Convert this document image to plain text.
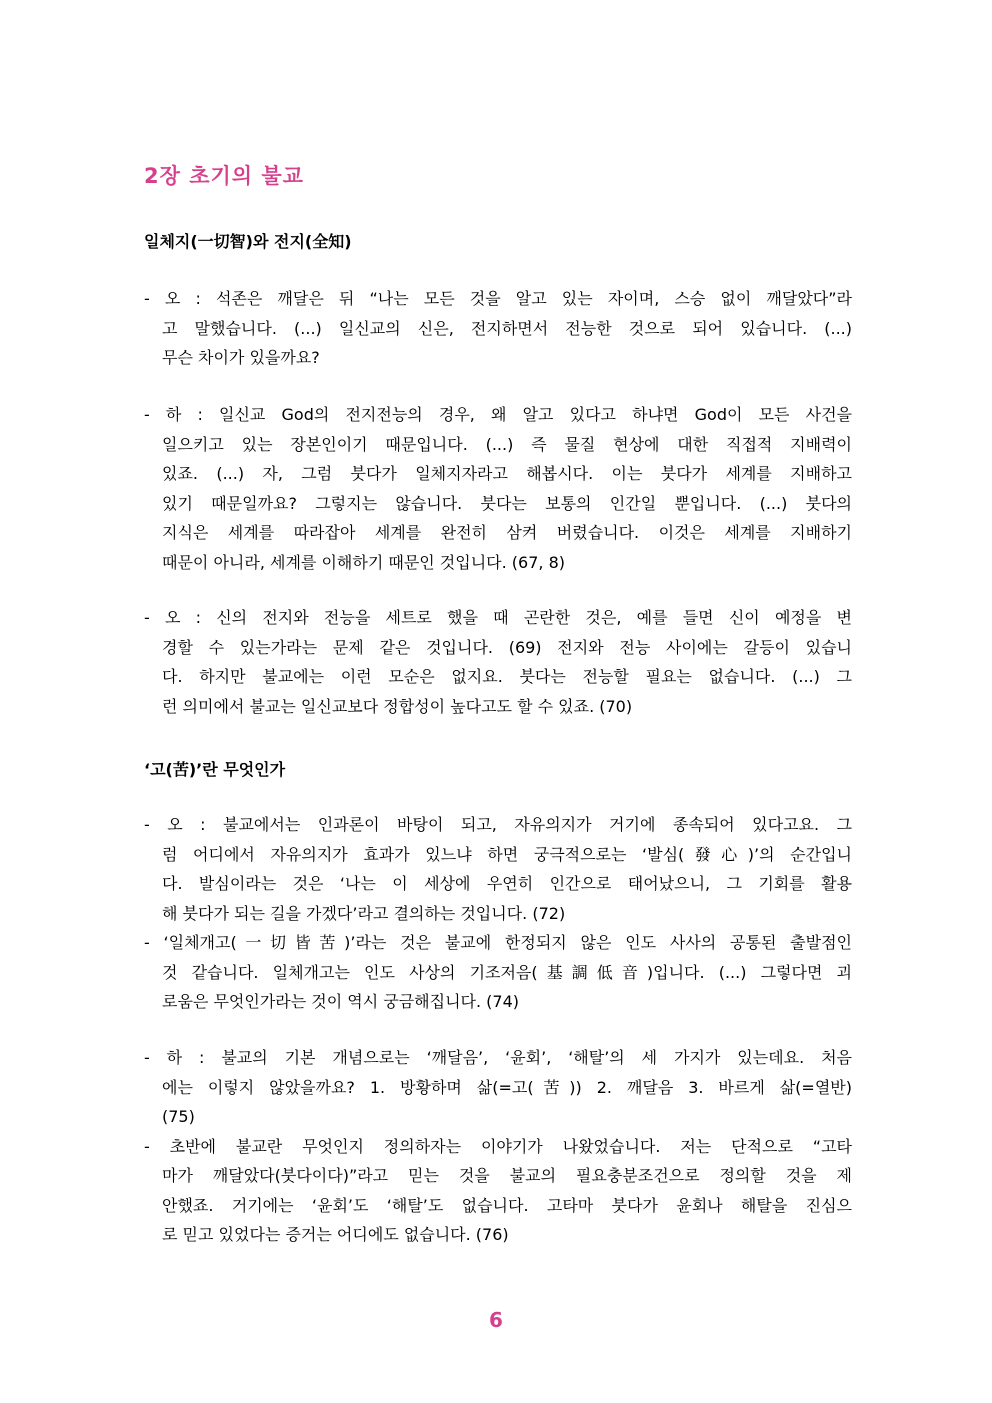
2장 초기의 불교
일체지(一切智)와 전지(全知)

- 오 : 석존은 깨달은 뒤 “나는 모든 것을 알고 있는 자이며, 스승 없이 깨달았다”라
고 말했습니다. (...) 일신교의 신은, 전지하면서 전능한 것으로 되어 있습니다. (...)
무슨 차이가 있을까요?

- 하 : 일신교 God의 전지전능의 경우, 왜 알고 있다고 하냐면 God이 모든 사건을
일으키고 있는 장본인이기 때문입니다. (...) 즉 물질 현상에 대한 직접적 지배력이
있죠. (...) 자, 그럼 붓다가 일체지자라고 해봅시다. 이는 붓다가 세계를 지배하고
있기 때문일까요? 그렇지는 않습니다. 붓다는 보통의 인간일 뿐입니다. (...) 붓다의
지식은 세계를 따라잡아 세계를 완전히 삼켜 버렸습니다. 이것은 세계를 지배하기
때문이 아니라, 세계를 이해하기 때문인 것입니다. (67, 8)

- 오 : 신의 전지와 전능을 세트로 했을 때 곤란한 것은, 예를 들면 신이 예정을 변
경할 수 있는가라는 문제 같은 것입니다. (69) 전지와 전능 사이에는 갈등이 있습니
다. 하지만 불교에는 이런 모순은 없지요. 붓다는 전능할 필요는 없습니다. (...) 그
런 의미에서 불교는 일신교보다 정합성이 높다고도 할 수 있죠. (70)

‘고(苦)’란 무엇인가

- 오 : 불교에서는 인과론이 바탕이 되고, 자유의지가 거기에 종속되어 있다고요. 그
럼 어디에서 자유의지가 효과가 있느냐 하면 궁극적으로는 ‘발심(發心)’의 순간입니
다. 발심이라는 것은 ‘나는 이 세상에 우연히 인간으로 태어났으니, 그 기회를 활용
해 붓다가 되는 길을 가겠다’라고 결의하는 것입니다. (72)
- ‘일체개고(一切皆苦)’라는 것은 불교에 한정되지 않은 인도 사사의 공통된 출발점인
것 같습니다. 일체개고는 인도 사상의 기조저음(基調低音)입니다. (...) 그렇다면 괴
로움은 무엇인가라는 것이 역시 궁금해집니다. (74)

- 하 : 불교의 기본 개념으로는 ‘깨달음’, ‘윤회’, ‘해탈’의 세 가지가 있는데요. 처음
에는 이렇지 않았을까요? 1. 방황하며 삶(=고(苦)) 2. 깨달음 3. 바르게 삶(=열반)
(75)
- 초반에 불교란 무엇인지 정의하자는 이야기가 나왔었습니다. 저는 단적으로 “고타
마가 깨달았다(붓다이다)”라고 믿는 것을 불교의 필요충분조건으로 정의할 것을 제
안했죠. 거기에는 ‘윤회’도 ‘해탈’도 없습니다. 고타마 붓다가 윤회나 해탈을 진심으
로 믿고 있었다는 증거는 어디에도 없습니다. (76)

6
